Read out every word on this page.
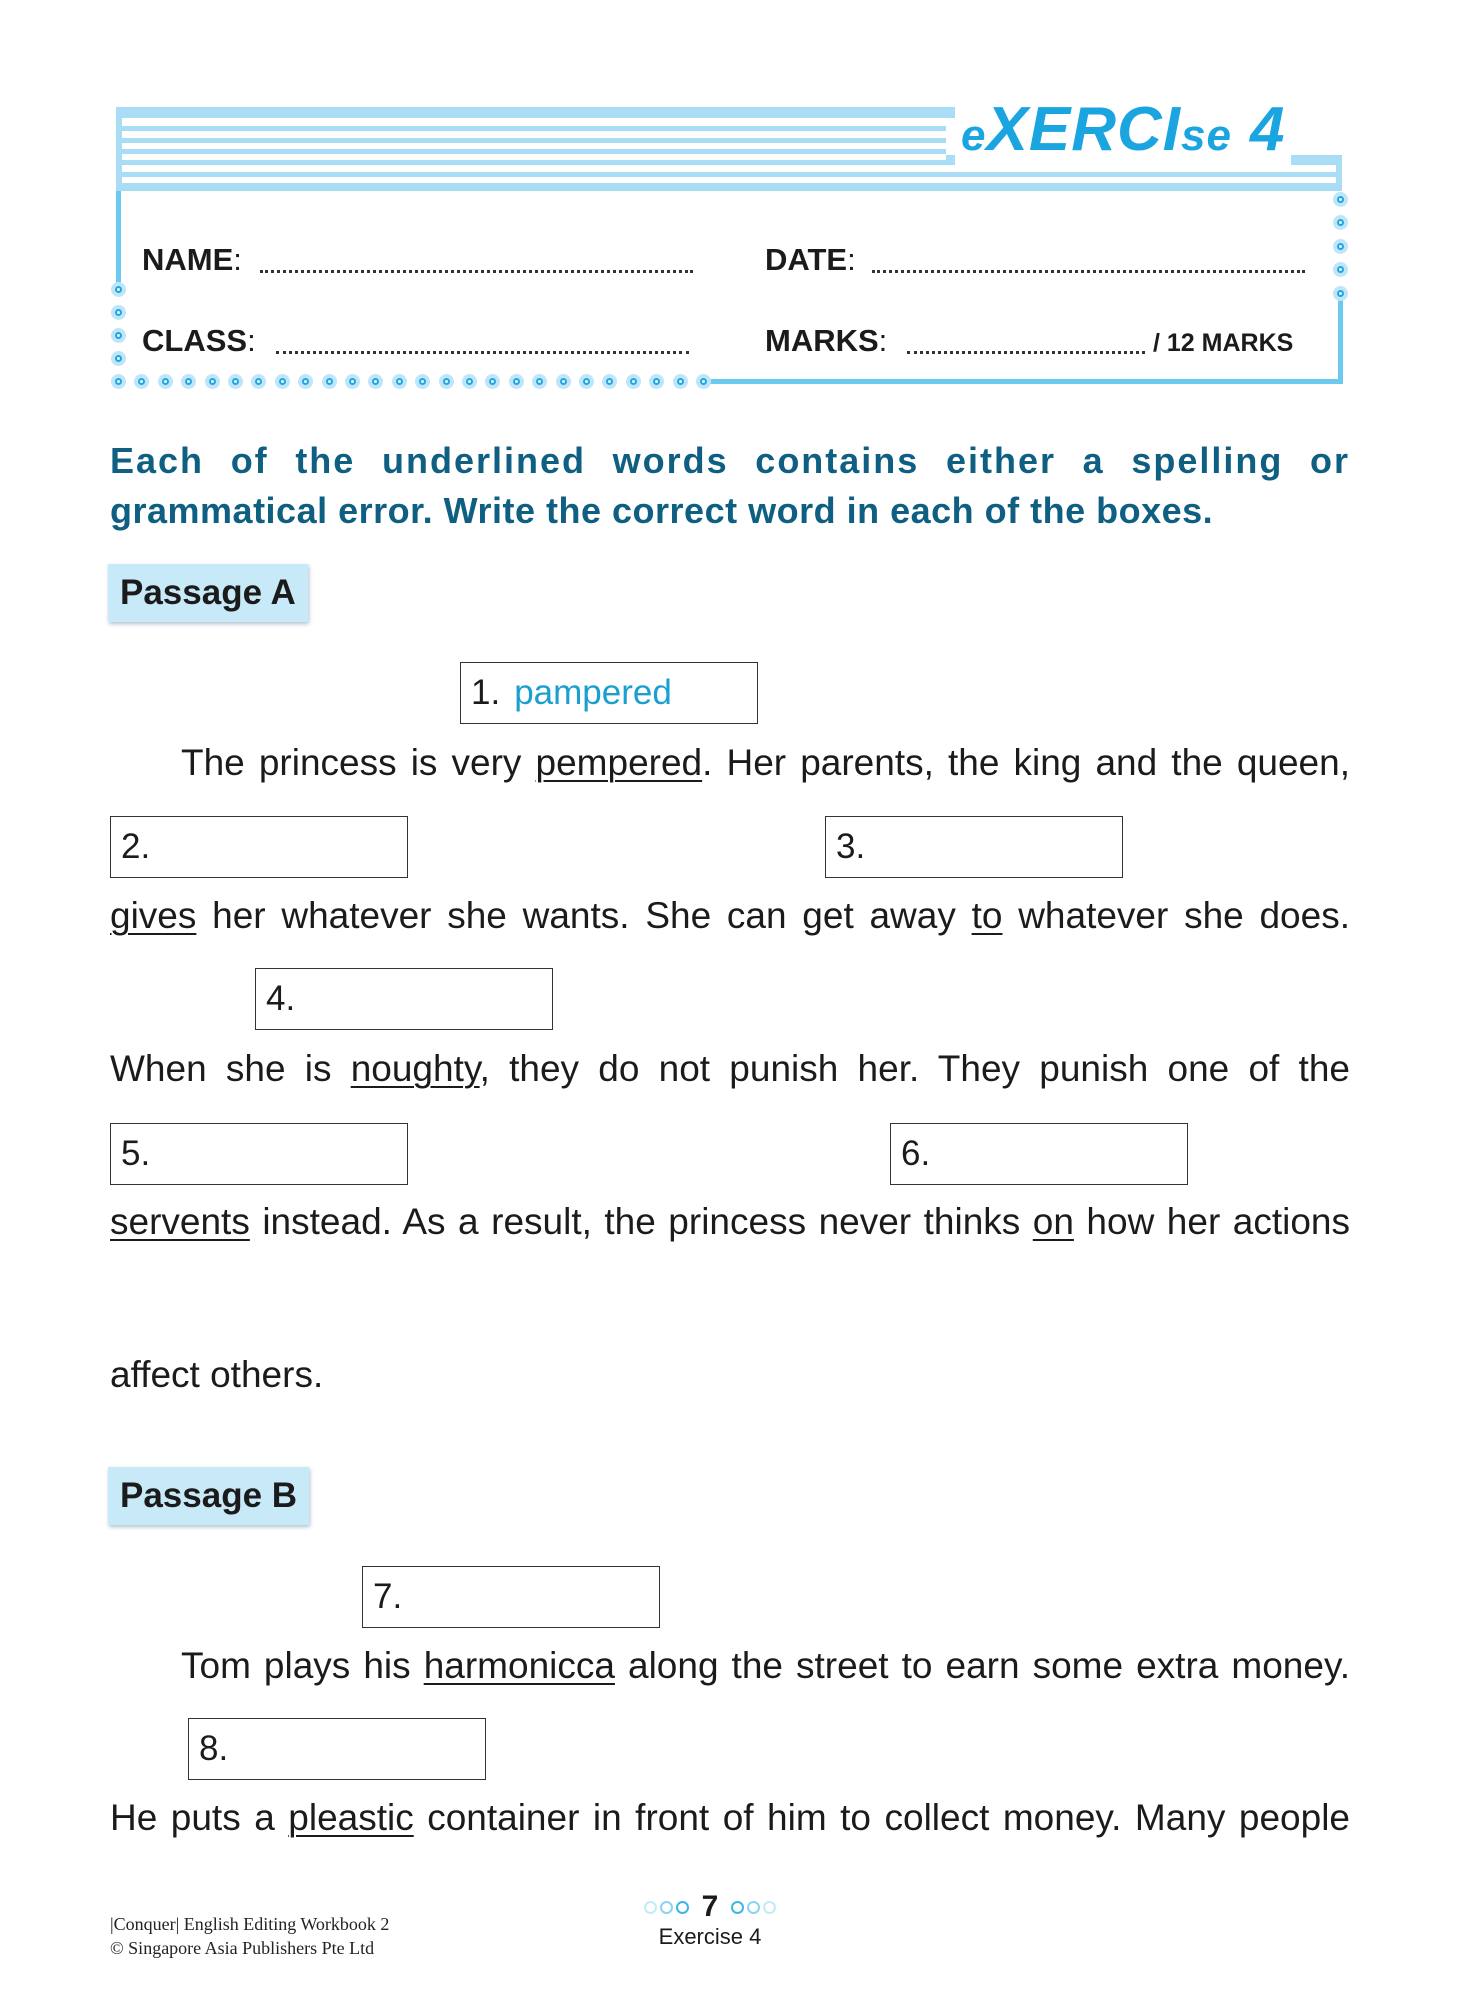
eXERCIse 4
NAME:	DATE:
CLASS:	MARKS:	/ 12 MARKS
Each of the underlined words contains either a spelling or
grammatical error. Write the correct word in each of the boxes.
Passage A
1. pampered
The princess is very pempered. Her parents, the king and the queen,
2.	3.
gives her whatever she wants. She can get away to whatever she does.
4.
When she is noughty, they do not punish her. They punish one of the
5.	6.
servents instead. As a result, the princess never thinks on how her actions
affect others.
Passage B
7.
Tom plays his harmonicca along the street to earn some extra money.
8.
He puts a pleastic container in front of him to collect money. Many people
|Conquer| English Editing Workbook 2
© Singapore Asia Publishers Pte Ltd
7
Exercise 4
